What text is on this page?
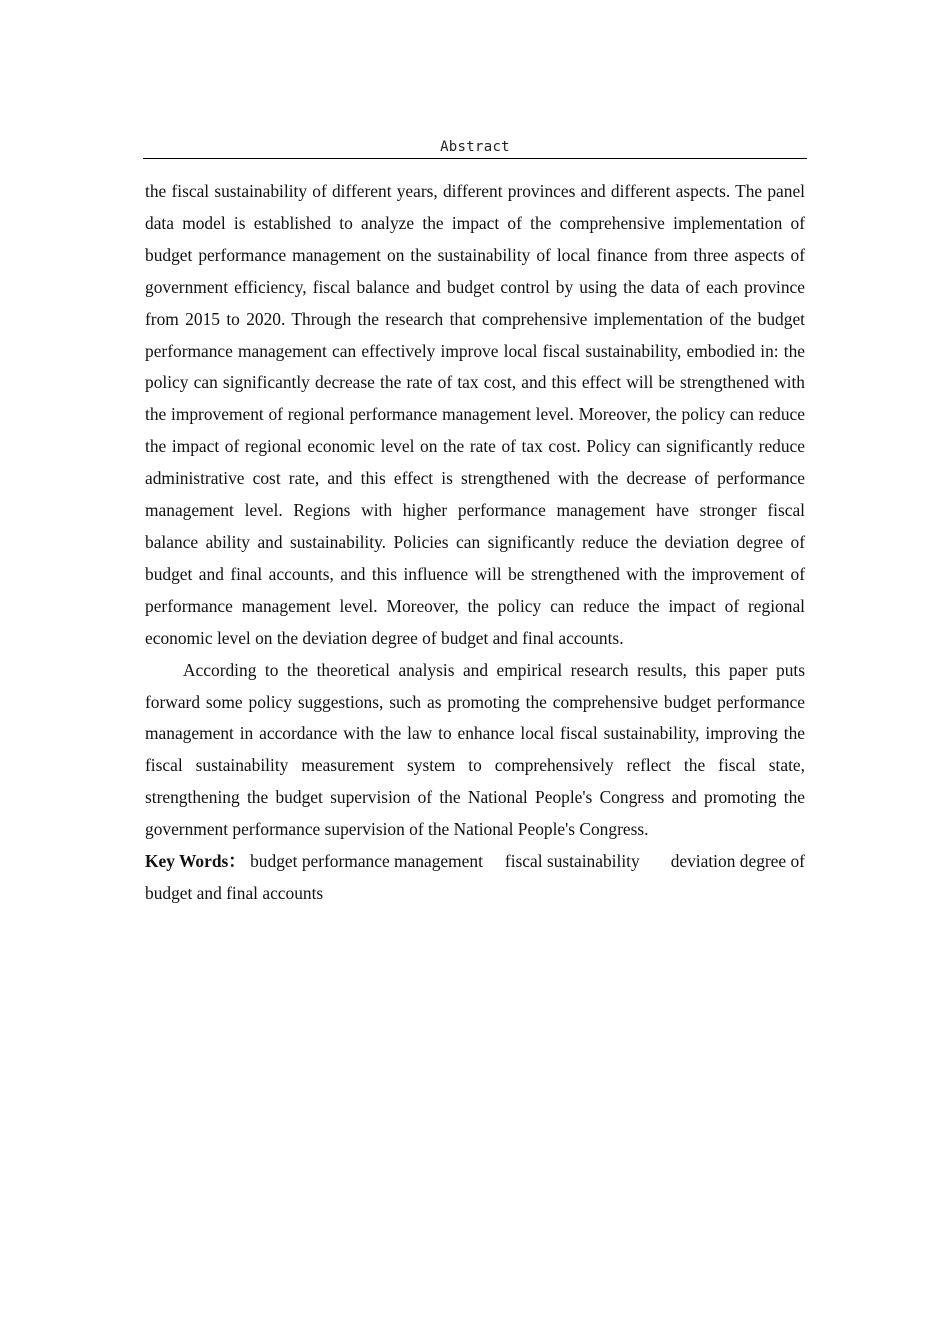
Abstract

the fiscal sustainability of different years, different provinces and different aspects. The panel data model is established to analyze the impact of the comprehensive implementation of budget performance management on the sustainability of local finance from three aspects of government efficiency, fiscal balance and budget control by using the data of each province from 2015 to 2020. Through the research that comprehensive implementation of the budget performance management can effectively improve local fiscal sustainability, embodied in: the policy can significantly decrease the rate of tax cost, and this effect will be strengthened with the improvement of regional performance management level. Moreover, the policy can reduce the impact of regional economic level on the rate of tax cost. Policy can significantly reduce administrative cost rate, and this effect is strengthened with the decrease of performance management level. Regions with higher performance management have stronger fiscal balance ability and sustainability. Policies can significantly reduce the deviation degree of budget and final accounts, and this influence will be strengthened with the improvement of performance management level. Moreover, the policy can reduce the impact of regional economic level on the deviation degree of budget and final accounts.

According to the theoretical analysis and empirical research results, this paper puts forward some policy suggestions, such as promoting the comprehensive budget performance management in accordance with the law to enhance local fiscal sustainability, improving the fiscal sustainability measurement system to comprehensively reflect the fiscal state, strengthening the budget supervision of the National People's Congress and promoting the government performance supervision of the National People's Congress.

Key Words： budget performance management fiscal sustainability deviation degree of budget and final accounts
